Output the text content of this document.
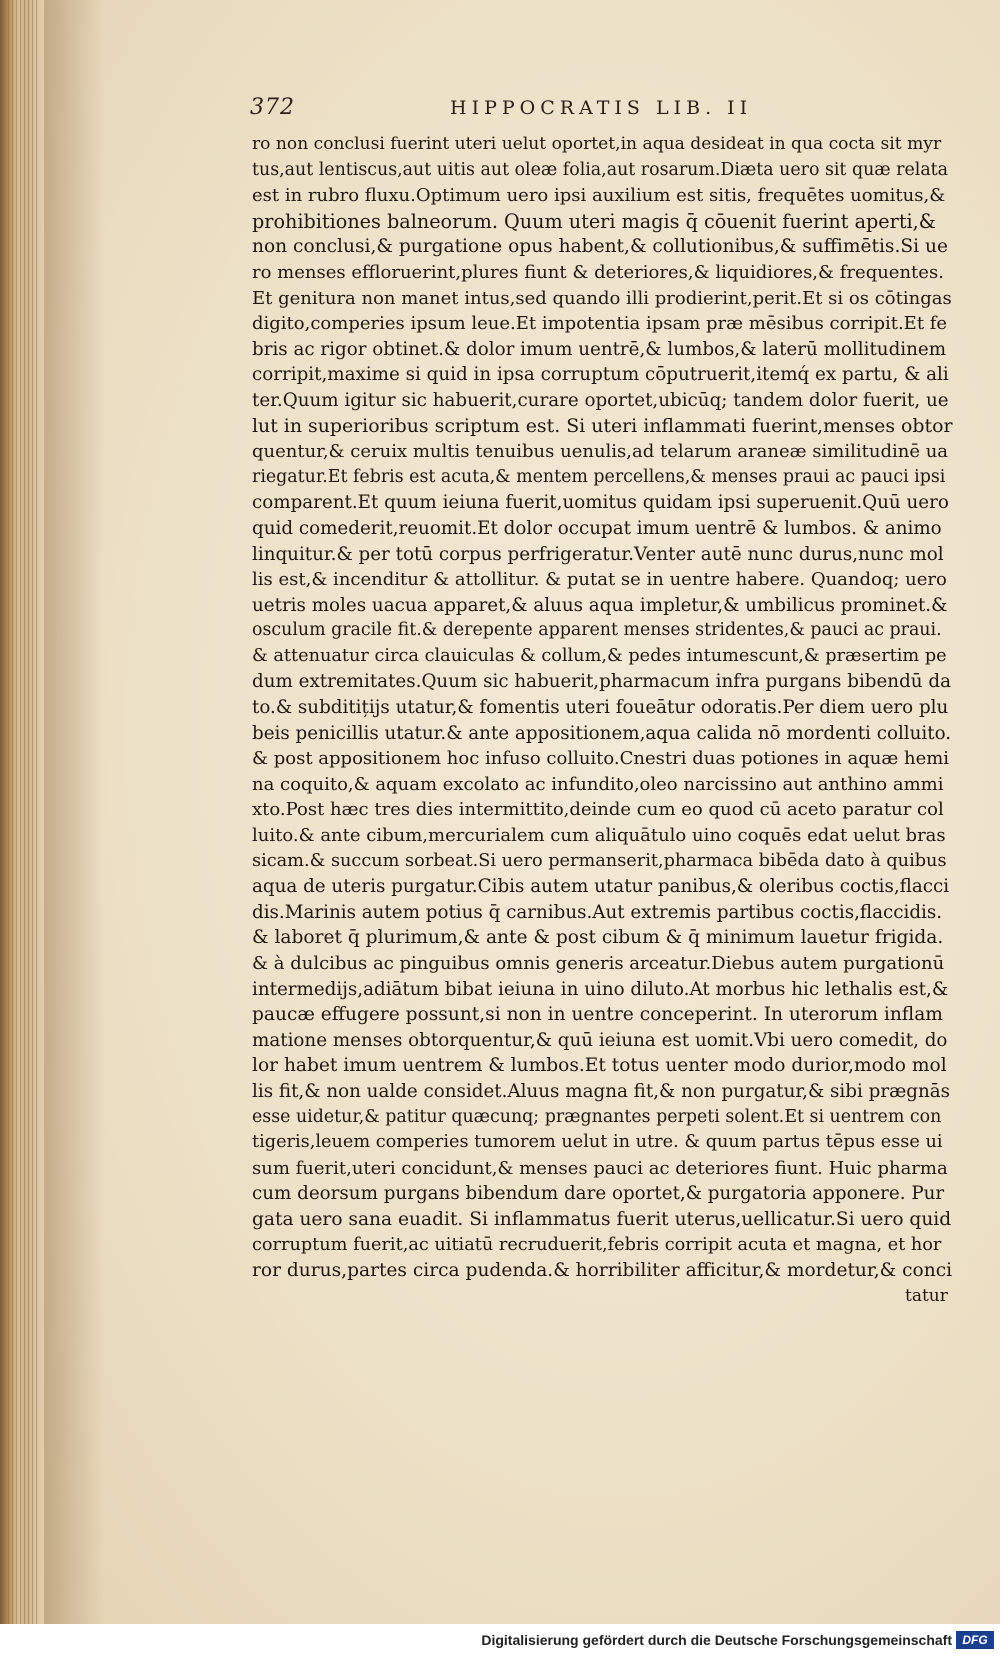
372	HIPPOCRATIS LIB. II
ro non conclusi fuerint uteri uelut oportet,in aqua desideat in qua cocta sit myr
tus,aut lentiscus,aut uitis aut oleæ folia,aut rosarum.Diæta uero sit quæ relata
est in rubro fluxu.Optimum uero ipsi auxilium est sitis, frequētes uomitus,&
prohibitiones balneorum. Quum uteri magis q̄ cōuenit fuerint aperti,&
non conclusi,& purgatione opus habent,& collutionibus,& suffimētis.Si ue
ro menses effloruerint,plures fiunt & deteriores,& liquidiores,& frequentes.
Et genitura non manet intus,sed quando illi prodierint,perit.Et si os cōtingas
digito,comperies ipsum leue.Et impotentia ipsam præ mēsibus corripit.Et fe
bris ac rigor obtinet.& dolor imum uentrē,& lumbos,& laterū mollitudinem
corripit,maxime si quid in ipsa corruptum cōputruerit,itemq́ ex partu, & ali
ter.Quum igitur sic habuerit,curare oportet,ubicūq; tandem dolor fuerit, ue
lut in superioribus scriptum est. Si uteri inflammati fuerint,menses obtor
quentur,& ceruix multis tenuibus uenulis,ad telarum araneæ similitudinē ua
riegatur.Et febris est acuta,& mentem percellens,& menses praui ac pauci ipsi
comparent.Et quum ieiuna fuerit,uomitus quidam ipsi superuenit.Quū uero
quid comederit,reuomit.Et dolor occupat imum uentrē & lumbos. & animo
linquitur.& per totū corpus perfrigeratur.Venter autē nunc durus,nunc mol
lis est,& incenditur & attollitur. & putat se in uentre habere. Quandoq; uero
uetris moles uacua apparet,& aluus aqua impletur,& umbilicus prominet.&
osculum gracile fit.& derepente apparent menses stridentes,& pauci ac praui.
& attenuatur circa clauiculas & collum,& pedes intumescunt,& præsertim pe
dum extremitates.Quum sic habuerit,pharmacum infra purgans bibendū da
to.& subditițijs utatur,& fomentis uteri foueātur odoratis.Per diem uero plu
beis penicillis utatur.& ante appositionem,aqua calida nō mordenti colluito.
& post appositionem hoc infuso colluito.Cnestri duas potiones in aquæ hemi
na coquito,& aquam excolato ac infundito,oleo narcissino aut anthino ammi
xto.Post hæc tres dies intermittito,deinde cum eo quod cū aceto paratur col
luito.& ante cibum,mercurialem cum aliquātulo uino coquēs edat uelut bras
sicam.& succum sorbeat.Si uero permanserit,pharmaca bibēda dato à quibus
aqua de uteris purgatur.Cibis autem utatur panibus,& oleribus coctis,flacci
dis.Marinis autem potius q̄ carnibus.Aut extremis partibus coctis,flaccidis.
& laboret q̄ plurimum,& ante & post cibum & q̄ minimum lauetur frigida.
& à dulcibus ac pinguibus omnis generis arceatur.Diebus autem purgationū
intermedijs,adiātum bibat ieiuna in uino diluto.At morbus hic lethalis est,&
paucæ effugere possunt,si non in uentre conceperint. In uterorum inflam
matione menses obtorquentur,& quū ieiuna est uomit.Vbi uero comedit, do
lor habet imum uentrem & lumbos.Et totus uenter modo durior,modo mol
lis fit,& non ualde considet.Aluus magna fit,& non purgatur,& sibi prægnās
esse uidetur,& patitur quæcunq; prægnantes perpeti solent.Et si uentrem con
tigeris,leuem comperies tumorem uelut in utre. & quum partus tēpus esse ui
sum fuerit,uteri concidunt,& menses pauci ac deteriores fiunt. Huic pharma
cum deorsum purgans bibendum dare oportet,& purgatoria apponere. Pur
gata uero sana euadit. Si inflammatus fuerit uterus,uellicatur.Si uero quid
corruptum fuerit,ac uitiatū recruduerit,febris corripit acuta et magna, et hor
ror durus,partes circa pudenda.& horribiliter afficitur,& mordetur,& conci
tatur
Digitalisierung gefördert durch die Deutsche Forschungsgemeinschaft DFG
